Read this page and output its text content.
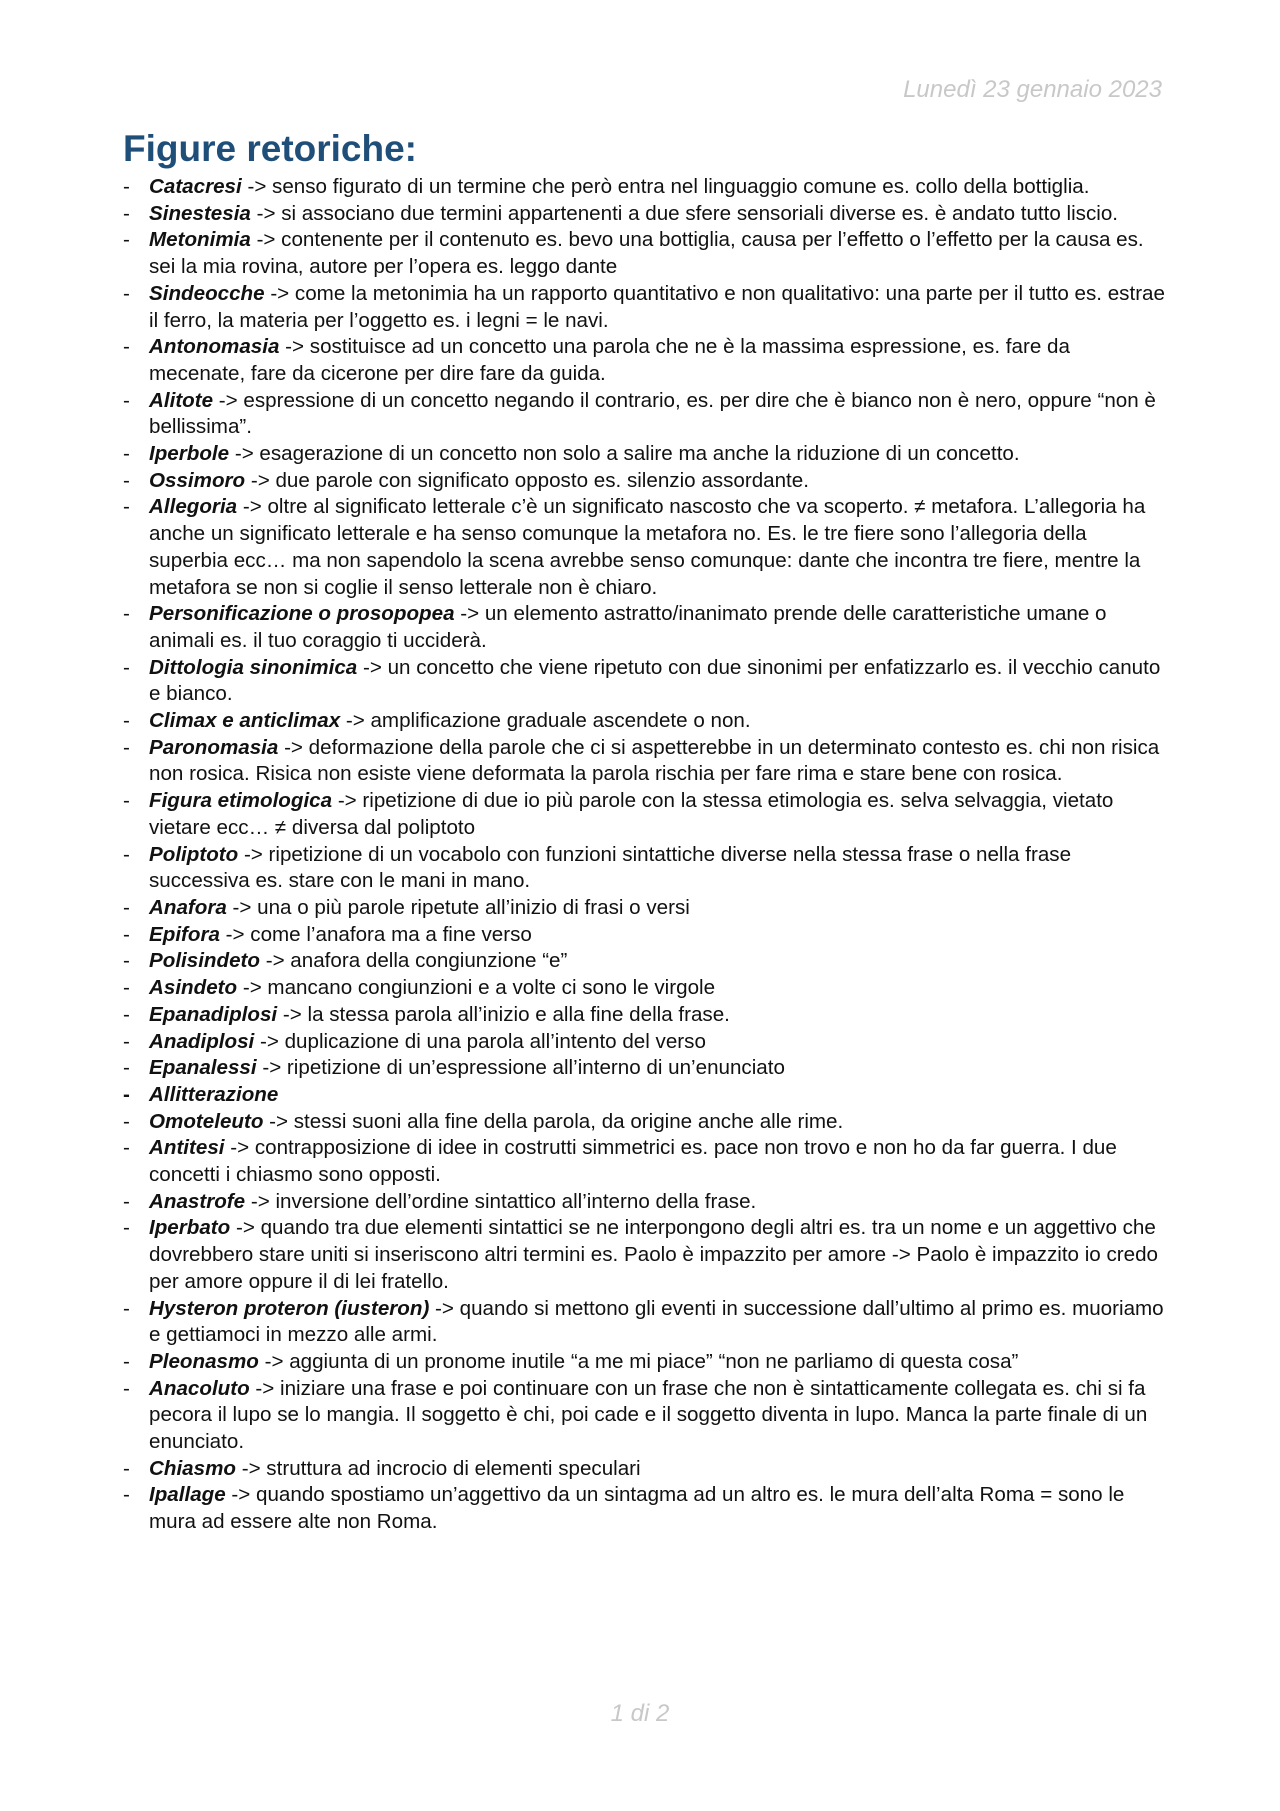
Lunedì 23 gennaio 2023
Figure retoriche:
- Catacresi -> senso figurato di un termine che però entra nel linguaggio comune es. collo della bottiglia.
- Sinestesia -> si associano due termini appartenenti a due sfere sensoriali diverse es. è andato tutto liscio.
- Metonimia -> contenente per il contenuto es. bevo una bottiglia, causa per l’effetto o l’effetto per la causa es. sei la mia rovina, autore per l’opera es. leggo dante
- Sindeocche -> come la metonimia ha un rapporto quantitativo e non qualitativo: una parte per il tutto es. estrae il ferro, la materia per l’oggetto es. i legni = le navi.
- Antonomasia -> sostituisce ad un concetto una parola che ne è la massima espressione, es. fare da mecenate, fare da cicerone per dire fare da guida.
- Alitote -> espressione di un concetto negando il contrario, es. per dire che è bianco non è nero, oppure “non è bellissima”.
- Iperbole -> esagerazione di un concetto non solo a salire ma anche la riduzione di un concetto.
- Ossimoro -> due parole con significato opposto es. silenzio assordante.
- Allegoria -> oltre al significato letterale c’è un significato nascosto che va scoperto. ≠ metafora. L’allegoria ha anche un significato letterale e ha senso comunque la metafora no. Es. le tre fiere sono l’allegoria della superbia ecc… ma non sapendolo la scena avrebbe senso comunque: dante che incontra tre fiere, mentre la metafora se non si coglie il senso letterale non è chiaro.
- Personificazione o prosopopea -> un elemento astratto/inanimato prende delle caratteristiche umane o animali es. il tuo coraggio ti ucciderà.
- Dittologia sinonimica -> un concetto che viene ripetuto con due sinonimi per enfatizzarlo es. il vecchio canuto e bianco.
- Climax e anticlimax -> amplificazione graduale ascendete o non.
- Paronomasia -> deformazione della parole che ci si aspetterebbe in un determinato contesto es. chi non risica non rosica. Risica non esiste viene deformata la parola rischia per fare rima e stare bene con rosica.
- Figura etimologica -> ripetizione di due io più parole con la stessa etimologia es. selva selvaggia, vietato vietare ecc… ≠ diversa dal poliptoto
- Poliptoto -> ripetizione di un vocabolo con funzioni sintattiche diverse nella stessa frase o nella frase successiva es. stare con le mani in mano.
- Anafora -> una o più parole ripetute all’inizio di frasi o versi
- Epifora -> come l’anafora ma a fine verso
- Polisindeto -> anafora della congiunzione “e”
- Asindeto -> mancano congiunzioni e a volte ci sono le virgole
- Epanadiplosi -> la stessa parola all’inizio e alla fine della frase.
- Anadiplosi -> duplicazione di una parola all’intento del verso
- Epanalessi -> ripetizione di un’espressione all’interno di un’enunciato
- Allitterazione
- Omoteleuto -> stessi suoni alla fine della parola, da origine anche alle rime.
- Antitesi -> contrapposizione di idee in costrutti simmetrici es. pace non trovo e non ho da far guerra. I due concetti i chiasmo sono opposti.
- Anastrofe -> inversione dell’ordine sintattico all’interno della frase.
- Iperbato -> quando tra due elementi sintattici se ne interpongono degli altri es. tra un nome e un aggettivo che dovrebbero stare uniti si inseriscono altri termini es. Paolo è impazzito per amore -> Paolo è impazzito io credo per amore oppure il di lei fratello.
- Hysteron proteron (iusteron) -> quando si mettono gli eventi in successione dall’ultimo al primo es. muoriamo e gettiamoci in mezzo alle armi.
- Pleonasmo -> aggiunta di un pronome inutile “a me mi piace” “non ne parliamo di questa cosa”
- Anacoluto -> iniziare una frase e poi continuare con un frase che non è sintatticamente collegata es. chi si fa pecora il lupo se lo mangia. Il soggetto è chi, poi cade e il soggetto diventa in lupo. Manca la parte finale di un enunciato.
- Chiasmo -> struttura ad incrocio di elementi speculari
- Ipallage -> quando spostiamo un’aggettivo da un sintagma ad un altro es. le mura dell’alta Roma = sono le mura ad essere alte non Roma.
1 di 2
